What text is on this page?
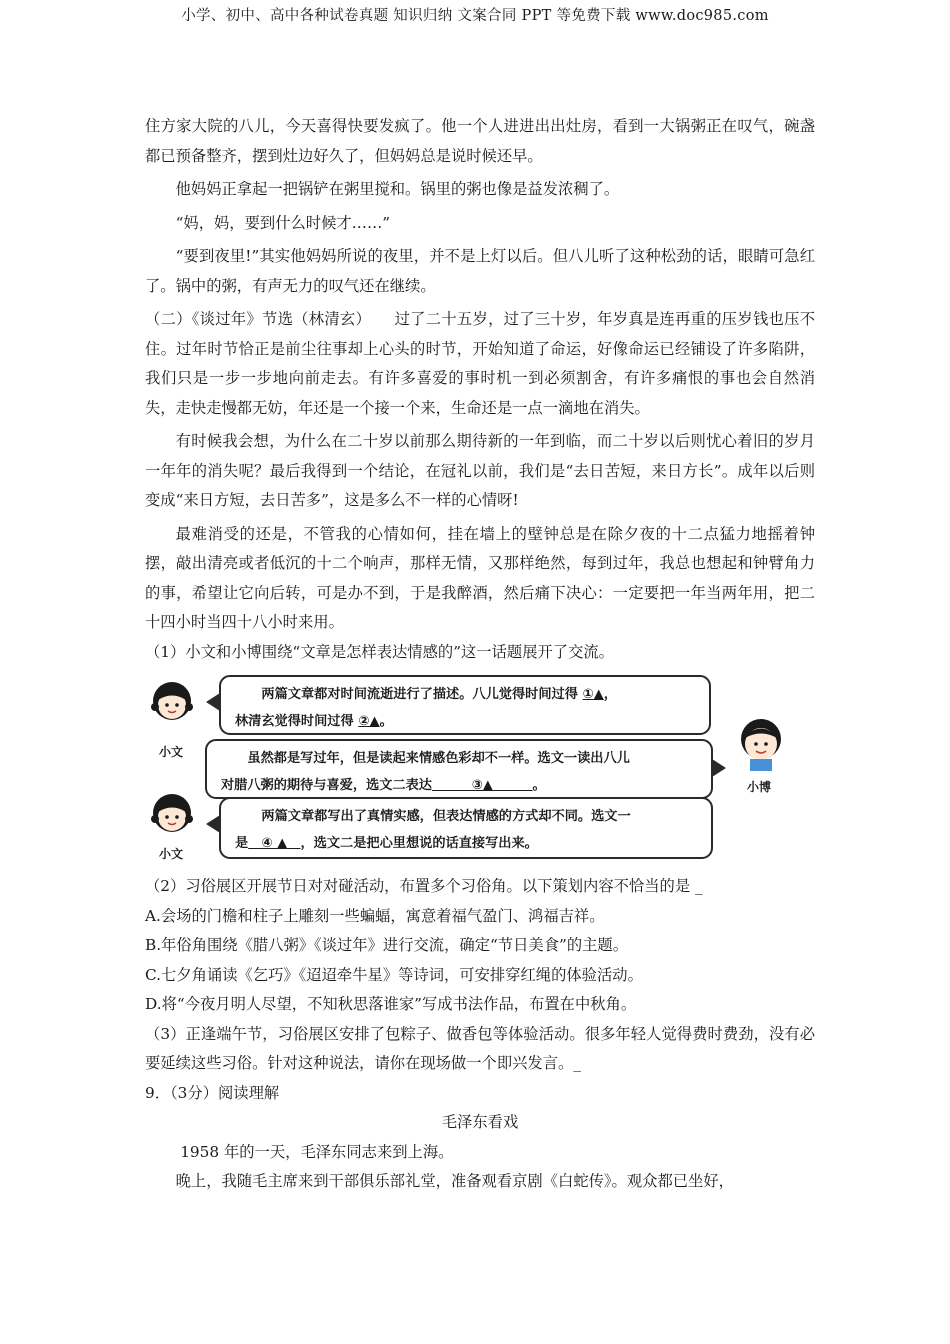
小学、初中、高中各种试卷真题 知识归纳 文案合同 PPT 等免费下载 www.doc985.com

住方家大院的八儿，今天喜得快要发疯了。他一个人进进出出灶房，看到一大锅粥正在叹气，碗盏都已预备整齐，摆到灶边好久了，但妈妈总是说时候还早。

他妈妈正拿起一把锅铲在粥里搅和。锅里的粥也像是益发浓稠了。

“妈，妈，要到什么时候才……”

“要到夜里!”其实他妈妈所说的夜里，并不是上灯以后。但八儿听了这种松劲的话，眼睛可急红了。锅中的粥，有声无力的叹气还在继续。

（二）《谈过年》节选（林清玄）　　过了二十五岁，过了三十岁，年岁真是连再重的压岁钱也压不住。过年时节恰正是前尘往事却上心头的时节，开始知道了命运，好像命运已经铺设了许多陷阱，我们只是一步一步地向前走去。有许多喜爱的事时机一到必须割舍，有许多痛恨的事也会自然消失，走快走慢都无妨，年还是一个接一个来，生命还是一点一滴地在消失。

有时候我会想，为什么在二十岁以前那么期待新的一年到临，而二十岁以后则忧心着旧的岁月一年年的消失呢？最后我得到一个结论，在冠礼以前，我们是“去日苦短，来日方长”。成年以后则变成“来日方短，去日苦多”，这是多么不一样的心情呀!

最难消受的还是，不管我的心情如何，挂在墙上的壁钟总是在除夕夜的十二点猛力地摇着钟摆，敲出清亮或者低沉的十二个响声，那样无情，又那样绝然，每到过年，我总也想起和钟臂角力的事，希望让它向后转，可是办不到，于是我醉酒，然后痛下决心：一定要把一年当两年用，把二十四小时当四十八小时来用。

（1）小文和小博围绕“文章是怎样表达情感的”这一话题展开了交流。

小文
两篇文章都对时间流逝进行了描述。八儿觉得时间过得 ①▲，
林清玄觉得时间过得 ②▲。
小博
虽然都是写过年，但是读起来情感色彩却不一样。选文一读出八儿
对腊八粥的期待与喜爱，选文二表达　　　	③▲　　　	。
小文
两篇文章都写出了真情实感，但表达情感的方式却不同。选文一
是　 ④ ▲　 ，选文二是把心里想说的话直接写出来。

（2）习俗展区开展节日对对碰活动，布置多个习俗角。以下策划内容不恰当的是 _

A.会场的门檐和柱子上雕刻一些蝙蝠，寓意着福气盈门、鸿福吉祥。

B.年俗角围绕《腊八粥》《谈过年》进行交流，确定“节日美食”的主题。

C.七夕角诵读《乞巧》《迢迢牵牛星》等诗词，可安排穿红绳的体验活动。

D.将“今夜月明人尽望，不知秋思落谁家”写成书法作品，布置在中秋角。

（3）正逢端午节，习俗展区安排了包粽子、做香包等体验活动。很多年轻人觉得费时费劲，没有必要延续这些习俗。针对这种说法，请你在现场做一个即兴发言。_

9．（3分）阅读理解

毛泽东看戏

1958 年的一天，毛泽东同志来到上海。

晚上，我随毛主席来到干部俱乐部礼堂，准备观看京剧《白蛇传》。观众都已坐好，
